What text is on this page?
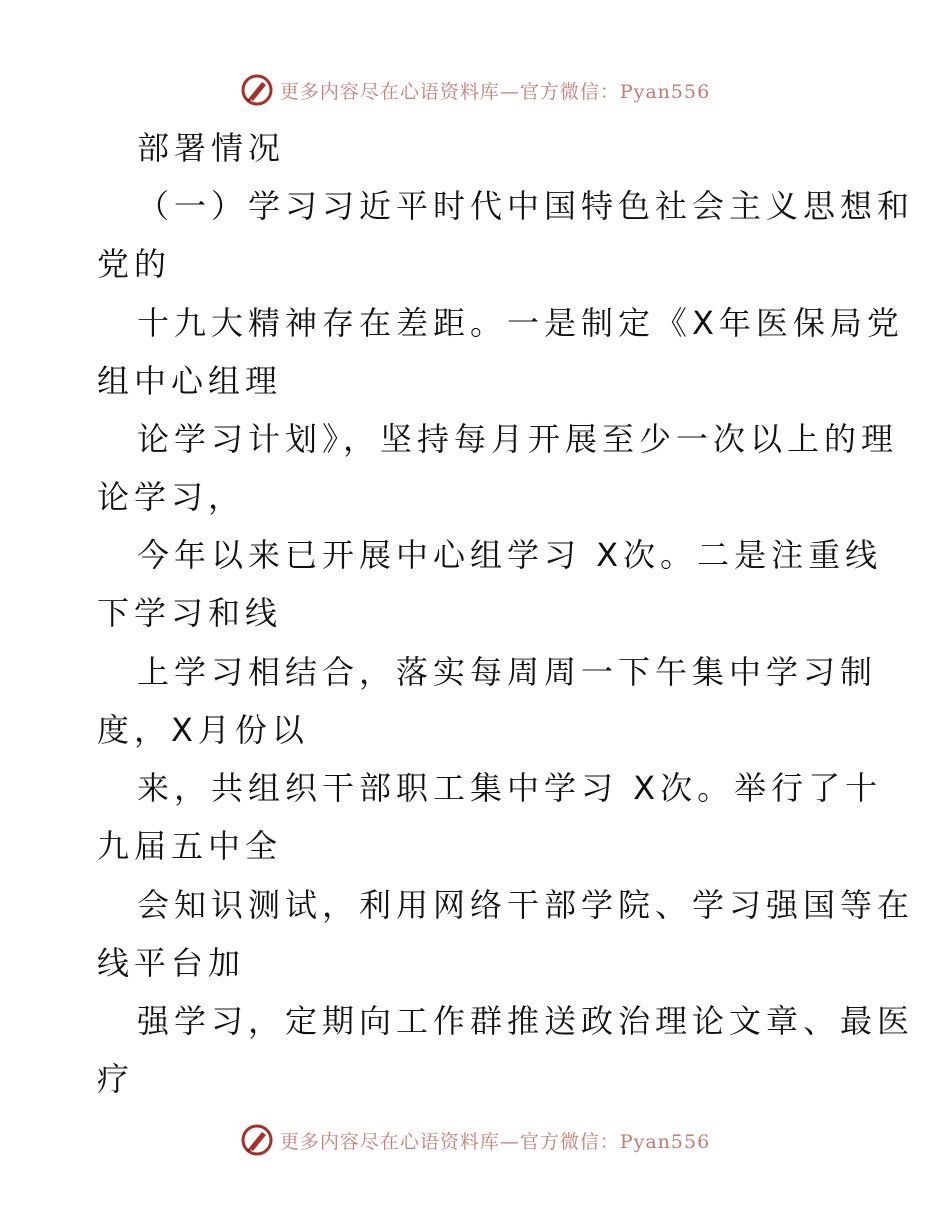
更多内容尽在心语资料库—官方微信：Pyan556
部署情况
（一）学习习近平时代中国特色社会主义思想和
党的
十九大精神存在差距。一是制定《X年医保局党
组中心组理
论学习计划》，坚持每月开展至少一次以上的理
论学习，
今年以来已开展中心组学习 X次。二是注重线
下学习和线
上学习相结合，落实每周周一下午集中学习制
度，X月份以
来，共组织干部职工集中学习 X次。举行了十
九届五中全
会知识测试，利用网络干部学院、学习强国等在
线平台加
强学习，定期向工作群推送政治理论文章、最医
疗
更多内容尽在心语资料库—官方微信：Pyan556
